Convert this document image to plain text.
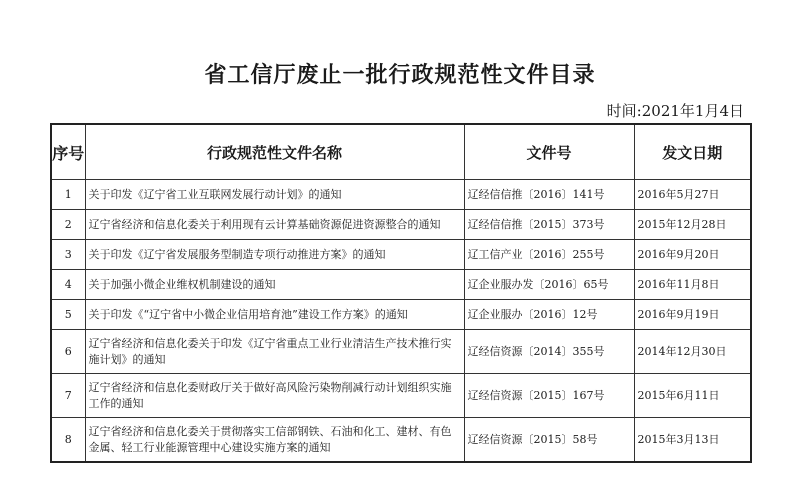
省工信厅废止一批行政规范性文件目录
时间:2021年1月4日
序号	行政规范性文件名称	文件号	发文日期
1	关于印发《辽宁省工业互联网发展行动计划》的通知	辽经信信推〔2016〕141号	2016年5月27日
2	辽宁省经济和信息化委关于利用现有云计算基础资源促进资源整合的通知	辽经信信推〔2015〕373号	2015年12月28日
3	关于印发《辽宁省发展服务型制造专项行动推进方案》的通知	辽工信产业〔2016〕255号	2016年9月20日
4	关于加强小微企业维权机制建设的通知	辽企业服办发〔2016〕65号	2016年11月8日
5	关于印发《“辽宁省中小微企业信用培育池”建设工作方案》的通知	辽企业服办〔2016〕12号	2016年9月19日
6	辽宁省经济和信息化委关于印发《辽宁省重点工业行业清洁生产技术推行实施计划》的通知	辽经信资源〔2014〕355号	2014年12月30日
7	辽宁省经济和信息化委财政厅关于做好高风险污染物削减行动计划组织实施工作的通知	辽经信资源〔2015〕167号	2015年6月11日
8	辽宁省经济和信息化委关于贯彻落实工信部钢铁、石油和化工、建材、有色金属、轻工行业能源管理中心建设实施方案的通知	辽经信资源〔2015〕58号	2015年3月13日
